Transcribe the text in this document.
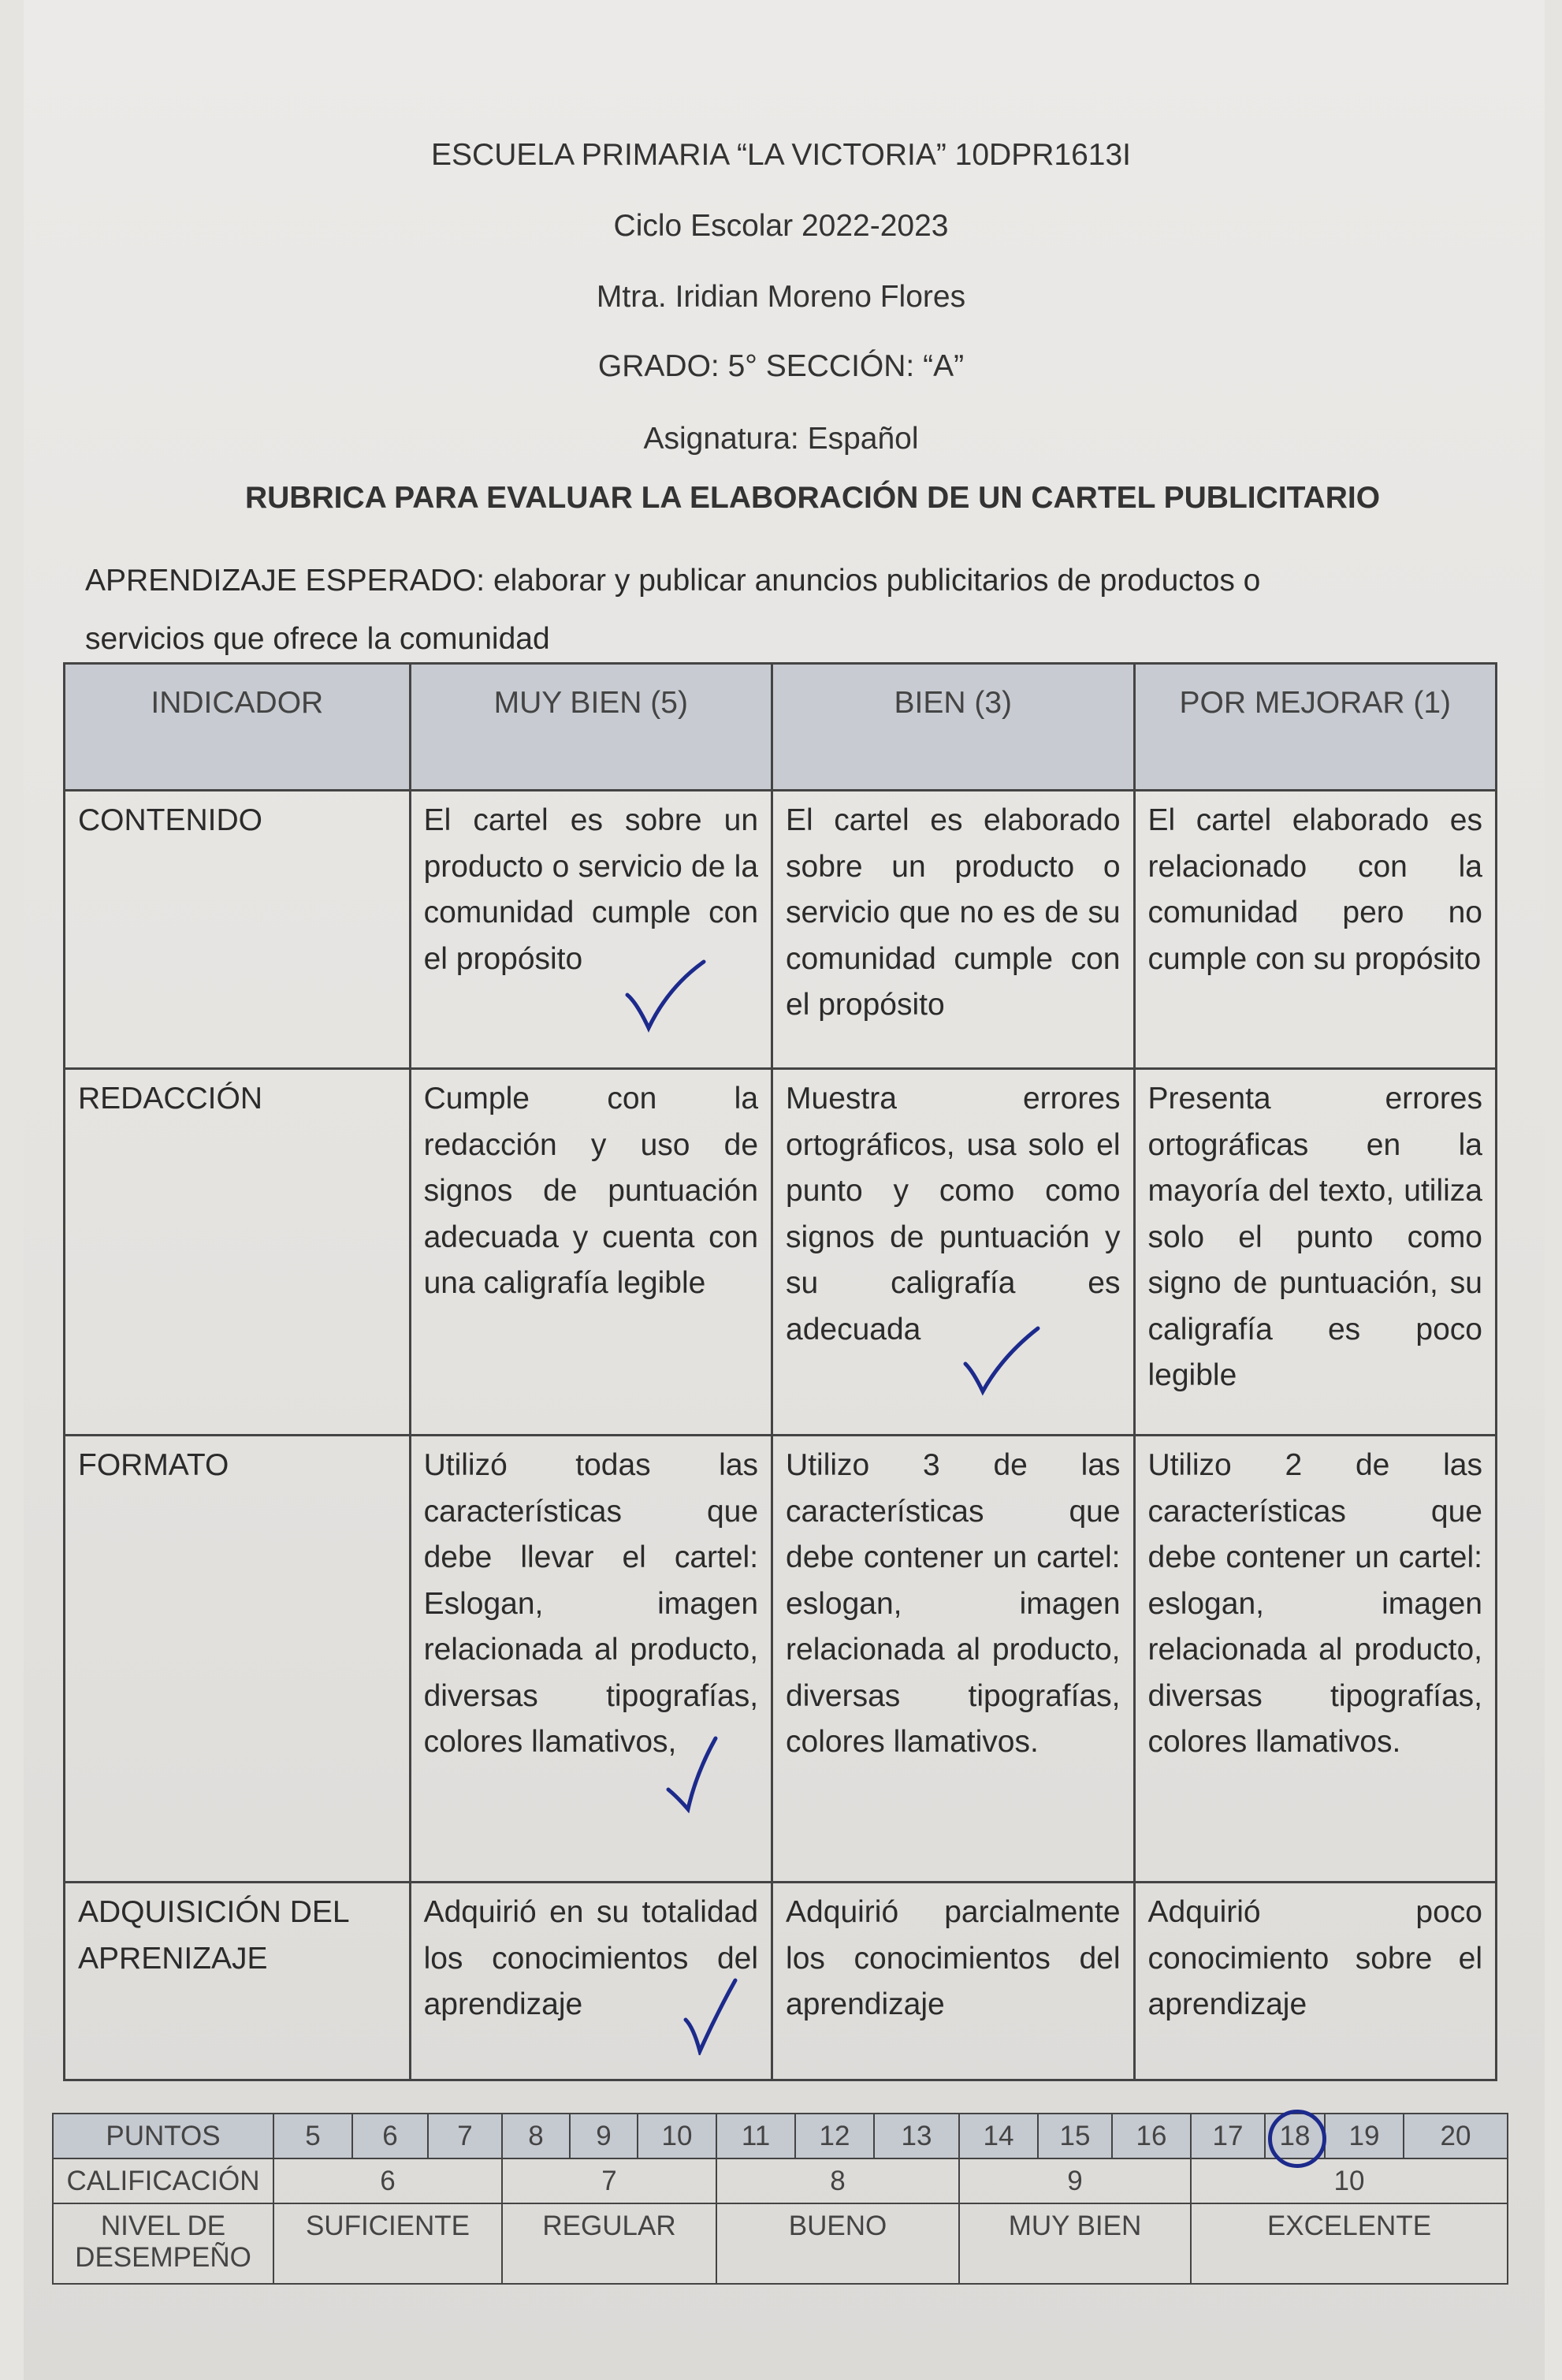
ESCUELA PRIMARIA “LA VICTORIA” 10DPR1613I
Ciclo Escolar 2022-2023
Mtra. Iridian Moreno Flores
GRADO: 5° SECCIÓN: “A”
Asignatura: Español
RUBRICA PARA EVALUAR LA ELABORACIÓN DE UN CARTEL PUBLICITARIO
APRENDIZAJE ESPERADO: elaborar y publicar anuncios publicitarios de productos o servicios que ofrece la comunidad
INDICADOR	MUY BIEN (5)	BIEN (3)	POR MEJORAR (1)
CONTENIDO	El cartel es sobre un producto o servicio de la comunidad cumple con el propósito	El cartel es elaborado sobre un producto o servicio que no es de su comunidad cumple con el propósito	El cartel elaborado es relacionado con la comunidad pero no cumple con su propósito
REDACCIÓN	Cumple con la redacción y uso de signos de puntuación adecuada y cuenta con una caligrafía legible	Muestra errores ortográficos, usa solo el punto y como como signos de puntuación y su caligrafía es adecuada	Presenta errores ortográficas en la mayoría del texto, utiliza solo el punto como signo de puntuación, su caligrafía es poco legible
FORMATO	Utilizó todas las características que debe llevar el cartel: Eslogan, imagen relacionada al producto, diversas tipografías, colores llamativos,	Utilizo 3 de las características que debe contener un cartel: eslogan, imagen relacionada al producto, diversas tipografías, colores llamativos.	Utilizo 2 de las características que debe contener un cartel: eslogan, imagen relacionada al producto, diversas tipografías, colores llamativos.
ADQUISICIÓN DEL APRENIZAJE	Adquirió en su totalidad los conocimientos del aprendizaje	Adquirió parcialmente los conocimientos del aprendizaje	Adquirió poco conocimiento sobre el aprendizaje
PUNTOS	5	6	7	8	9	10	11	12	13	14	15	16	17	18	19	20
CALIFICACIÓN	6			7			8			9			10			
NIVEL DE DESEMPEÑO	SUFICIENTE			REGULAR			BUENO			MUY BIEN			EXCELENTE			
